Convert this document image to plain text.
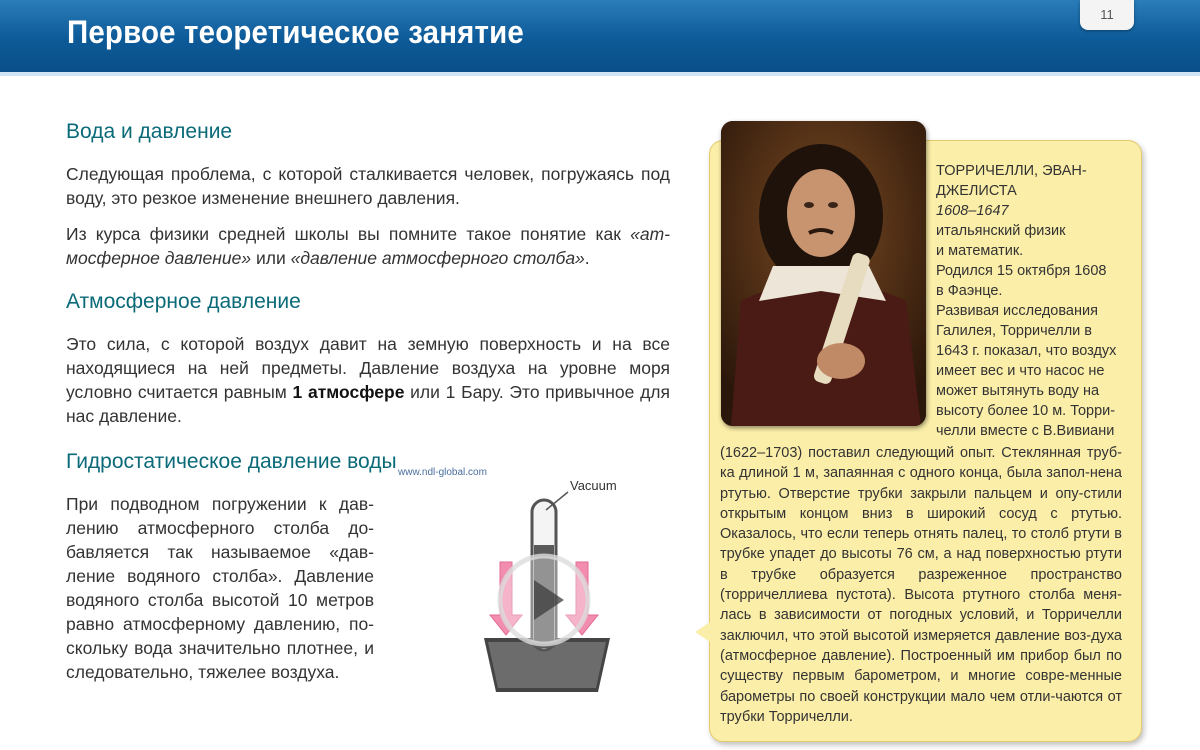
Первое теоретическое занятие	11
Вода и давление
Следующая проблема, с которой сталкивается человек, погружаясь под воду, это резкое изменение внешнего давления.
Из курса физики средней школы вы помните такое понятие как «ат-мосферное давление» или «давление атмосферного столба».
Атмосферное давление
Это сила, с которой воздух давит на земную поверхность и на все находящиеся на ней предметы. Давление воздуха на уровне моря условно считается равным 1 атмосфере или 1 Бару. Это привычное для нас давление.
Гидростатическое давление воды
При подводном погружении к дав-лению атмосферного столба до-бавляется так называемое «дав-ление водяного столба». Давление водяного столба высотой 10 метров равно атмосферному давлению, по-скольку вода значительно плотнее, и следовательно, тяжелее воздуха.
www.ndl-global.com
Vacuum
ТОРРИЧЕЛЛИ, ЭВАН-
ДЖЕЛИСТА
1608–1647
итальянский физик
и математик.
Родился 15 октября 1608
в Фаэнце.
Развивая исследования
Галилея, Торричелли в
1643 г. показал, что воздух
имеет вес и что насос не
может вытянуть воду на
высоту более 10 м. Торри-
челли вместе с В.Вивиани
(1622–1703) поставил следующий опыт. Стеклянная труб-ка длиной 1 м, запаянная с одного конца, была запол-нена ртутью. Отверстие трубки закрыли пальцем и опу-стили открытым концом вниз в широкий сосуд с ртутью. Оказалось, что если теперь отнять палец, то столб ртути в трубке упадет до высоты 76 см, а над поверхностью ртути в трубке образуется разреженное пространство (торричеллиева пустота). Высота ртутного столба меня-лась в зависимости от погодных условий, и Торричелли заключил, что этой высотой измеряется давление воз-духа (атмосферное давление). Построенный им прибор был по существу первым барометром, и многие совре-менные барометры по своей конструкции мало чем отли-чаются от трубки Торричелли.
